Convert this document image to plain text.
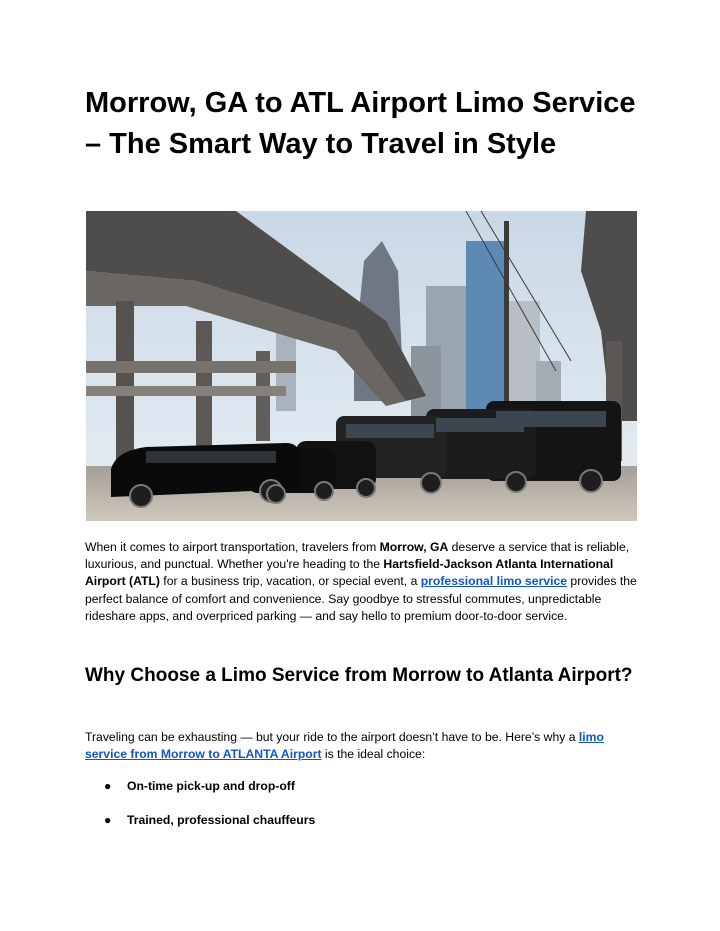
Morrow, GA to ATL Airport Limo Service – The Smart Way to Travel in Style

When it comes to airport transportation, travelers from Morrow, GA deserve a service that is reliable, luxurious, and punctual. Whether you're heading to the Hartsfield-Jackson Atlanta International Airport (ATL) for a business trip, vacation, or special event, a professional limo service provides the perfect balance of comfort and convenience. Say goodbye to stressful commutes, unpredictable rideshare apps, and overpriced parking — and say hello to premium door-to-door service.

Why Choose a Limo Service from Morrow to Atlanta Airport?

Traveling can be exhausting — but your ride to the airport doesn’t have to be. Here’s why a limo service from Morrow to ATLANTA Airport is the ideal choice:

● On-time pick-up and drop-off
● Trained, professional chauffeurs
